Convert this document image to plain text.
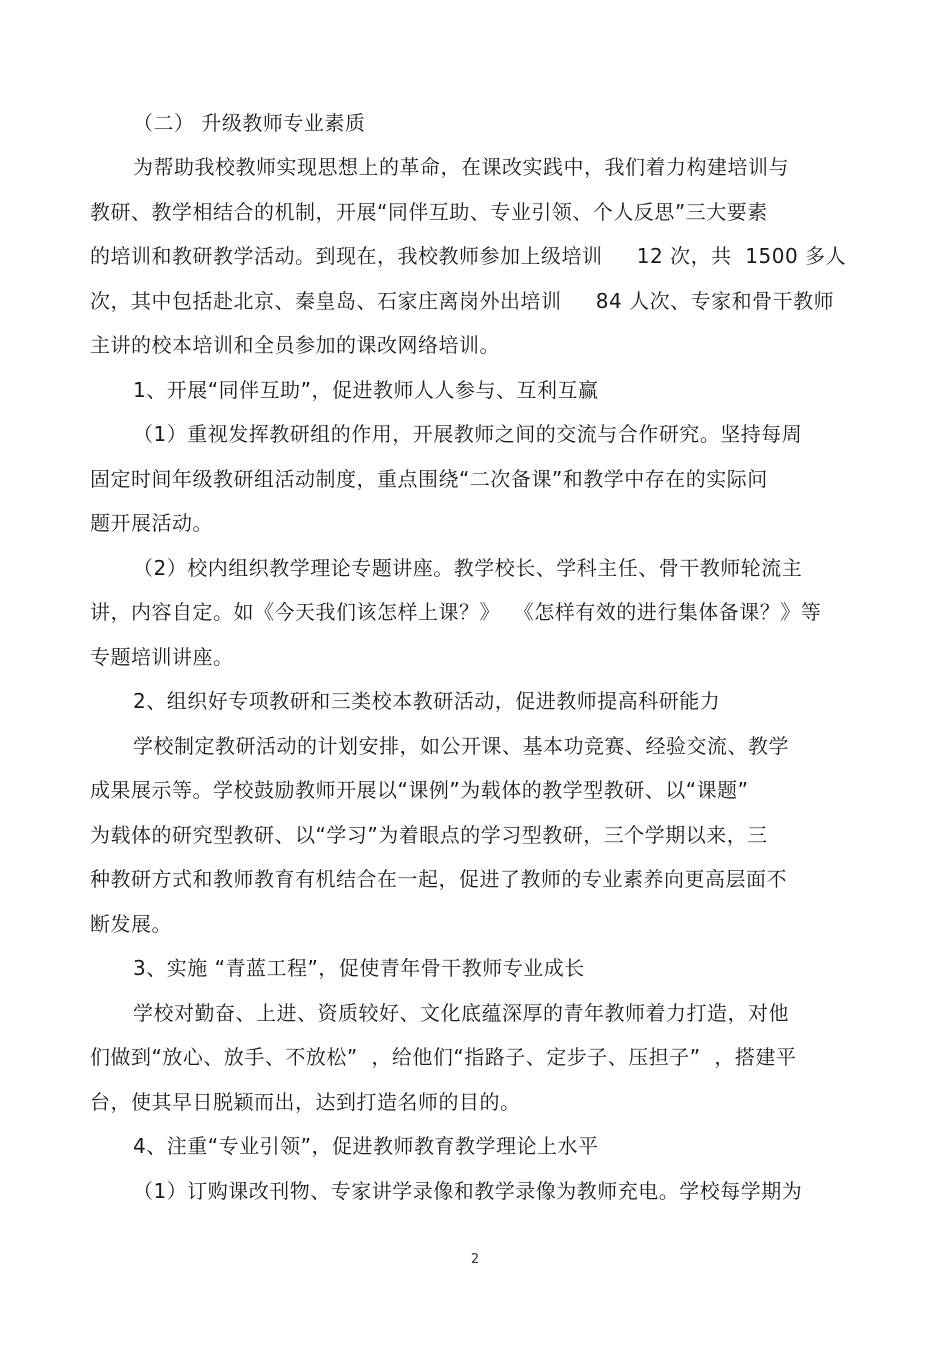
（二） 升级教师专业素质
为帮助我校教师实现思想上的革命，在课改实践中，我们着力构建培训与
教研、教学相结合的机制，开展“同伴互助、专业引领、个人反思”三大要素
的培训和教研教学活动。到现在，我校教师参加上级培训     12 次，共  1500 多人
次，其中包括赴北京、秦皇岛、石家庄离岗外出培训     84 人次、专家和骨干教师
主讲的校本培训和全员参加的课改网络培训。
1、开展“同伴互助”，促进教师人人参与、互利互赢
（1）重视发挥教研组的作用，开展教师之间的交流与合作研究。坚持每周
固定时间年级教研组活动制度，重点围绕“二次备课”和教学中存在的实际问
题开展活动。
（2）校内组织教学理论专题讲座。教学校长、学科主任、骨干教师轮流主
讲，内容自定。如《今天我们该怎样上课？》  《怎样有效的进行集体备课？》等
专题培训讲座。
2、组织好专项教研和三类校本教研活动，促进教师提高科研能力
学校制定教研活动的计划安排，如公开课、基本功竞赛、经验交流、教学
成果展示等。学校鼓励教师开展以“课例”为载体的教学型教研、以“课题”
为载体的研究型教研、以“学习”为着眼点的学习型教研，三个学期以来，三
种教研方式和教师教育有机结合在一起，促进了教师的专业素养向更高层面不
断发展。
3、实施 “青蓝工程”，促使青年骨干教师专业成长
学校对勤奋、上进、资质较好、文化底蕴深厚的青年教师着力打造，对他
们做到“放心、放手、不放松”  ，给他们“指路子、定步子、压担子”  ，搭建平
台，使其早日脱颖而出，达到打造名师的目的。
4、注重“专业引领”，促进教师教育教学理论上水平
（1）订购课改刊物、专家讲学录像和教学录像为教师充电。学校每学期为
2
